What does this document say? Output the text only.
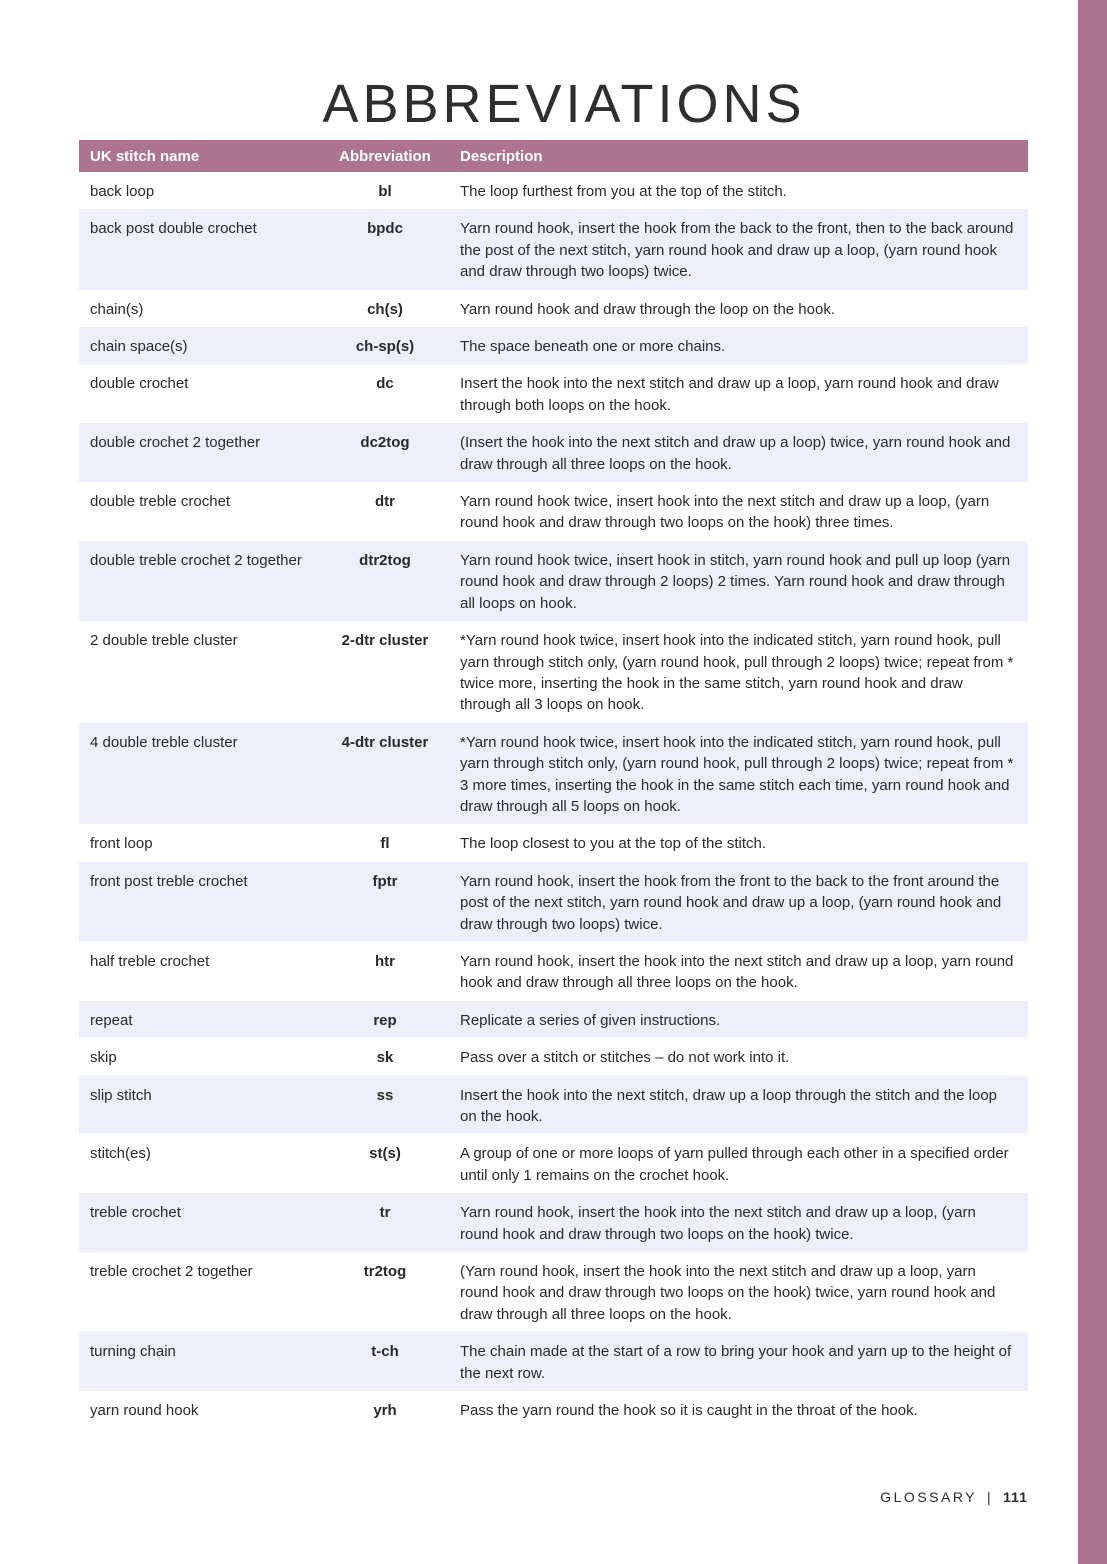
ABBREVIATIONS
UK stitch name	Abbreviation	Description
back loop	bl	The loop furthest from you at the top of the stitch.
back post double crochet	bpdc	Yarn round hook, insert the hook from the back to the front, then to the back around the post of the next stitch, yarn round hook and draw up a loop, (yarn round hook and draw through two loops) twice.
chain(s)	ch(s)	Yarn round hook and draw through the loop on the hook.
chain space(s)	ch-sp(s)	The space beneath one or more chains.
double crochet	dc	Insert the hook into the next stitch and draw up a loop, yarn round hook and draw through both loops on the hook.
double crochet 2 together	dc2tog	(Insert the hook into the next stitch and draw up a loop) twice, yarn round hook and draw through all three loops on the hook.
double treble crochet	dtr	Yarn round hook twice, insert hook into the next stitch and draw up a loop, (yarn round hook and draw through two loops on the hook) three times.
double treble crochet 2 together	dtr2tog	Yarn round hook twice, insert hook in stitch, yarn round hook and pull up loop (yarn round hook and draw through 2 loops) 2 times. Yarn round hook and draw through all loops on hook.
2 double treble cluster	2-dtr cluster	*Yarn round hook twice, insert hook into the indicated stitch, yarn round hook, pull yarn through stitch only, (yarn round hook, pull through 2 loops) twice; repeat from * twice more, inserting the hook in the same stitch, yarn round hook and draw through all 3 loops on hook.
4 double treble cluster	4-dtr cluster	*Yarn round hook twice, insert hook into the indicated stitch, yarn round hook, pull yarn through stitch only, (yarn round hook, pull through 2 loops) twice; repeat from * 3 more times, inserting the hook in the same stitch each time, yarn round hook and draw through all 5 loops on hook.
front loop	fl	The loop closest to you at the top of the stitch.
front post treble crochet	fptr	Yarn round hook, insert the hook from the front to the back to the front around the post of the next stitch, yarn round hook and draw up a loop, (yarn round hook and draw through two loops) twice.
half treble crochet	htr	Yarn round hook, insert the hook into the next stitch and draw up a loop, yarn round hook and draw through all three loops on the hook.
repeat	rep	Replicate a series of given instructions.
skip	sk	Pass over a stitch or stitches – do not work into it.
slip stitch	ss	Insert the hook into the next stitch, draw up a loop through the stitch and the loop on the hook.
stitch(es)	st(s)	A group of one or more loops of yarn pulled through each other in a specified order until only 1 remains on the crochet hook.
treble crochet	tr	Yarn round hook, insert the hook into the next stitch and draw up a loop, (yarn round hook and draw through two loops on the hook) twice.
treble crochet 2 together	tr2tog	(Yarn round hook, insert the hook into the next stitch and draw up a loop, yarn round hook and draw through two loops on the hook) twice, yarn round hook and draw through all three loops on the hook.
turning chain	t-ch	The chain made at the start of a row to bring your hook and yarn up to the height of the next row.
yarn round hook	yrh	Pass the yarn round the hook so it is caught in the throat of the hook.
GLOSSARY | 111
